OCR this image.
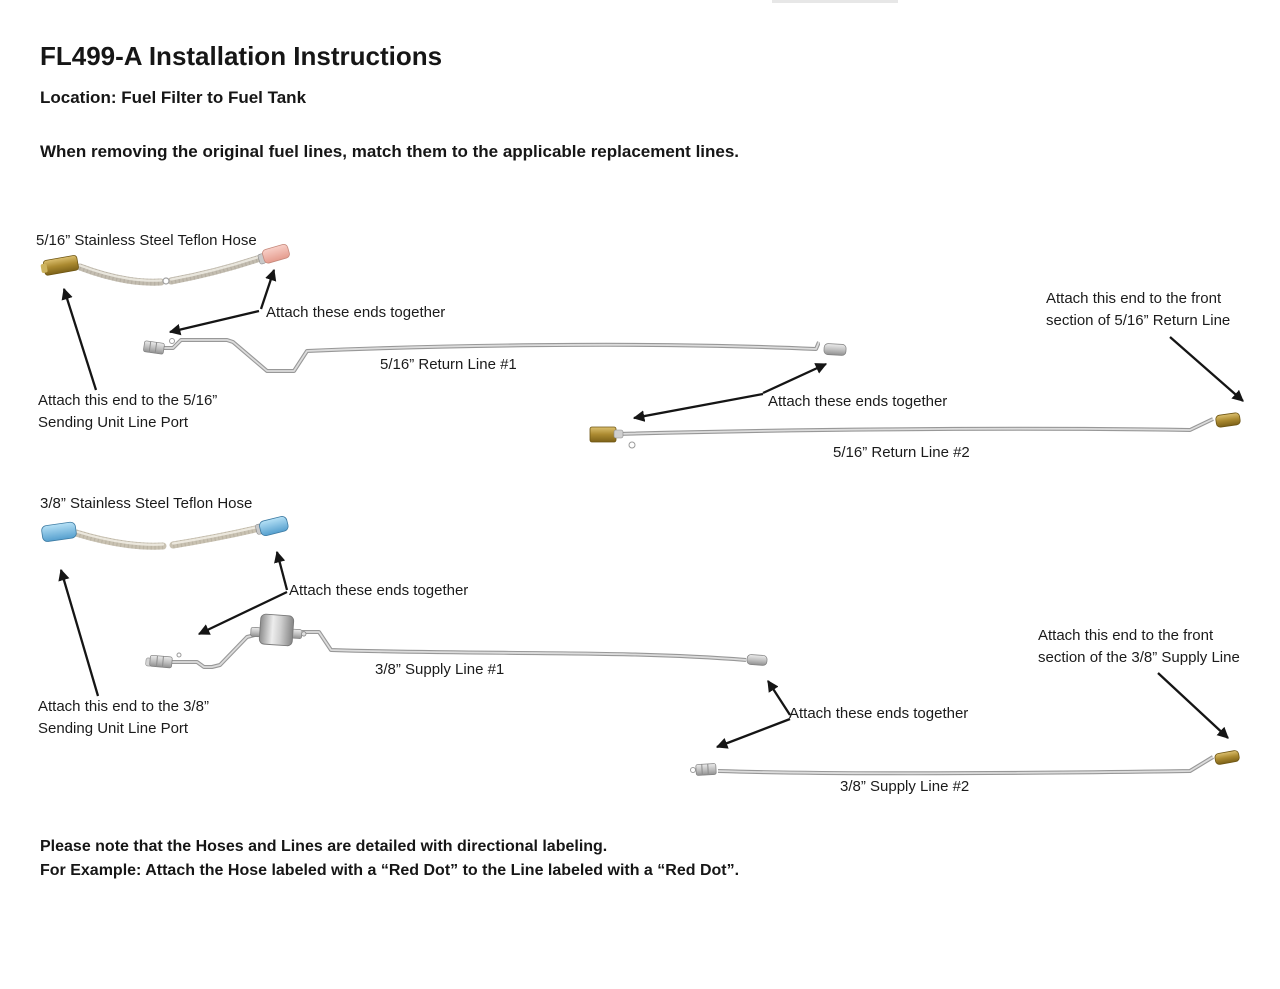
FL499-A Installation Instructions
Location: Fuel Filter to Fuel Tank
When removing the original fuel lines, match them to the applicable replacement lines.
5/16” Stainless Steel Teflon Hose
Attach these ends together
5/16” Return Line #1
Attach this end to the 5/16”
Sending Unit Line Port
Attach these ends together
5/16” Return Line #2
Attach this end to the front
section of 5/16” Return Line
3/8” Stainless Steel Teflon Hose
Attach these ends together
3/8” Supply Line #1
Attach this end to the 3/8”
Sending Unit Line Port
Attach these ends together
3/8” Supply Line #2
Attach this end to the front
section of the 3/8” Supply Line
Please note that the Hoses and Lines are detailed with directional labeling.
For Example: Attach the Hose labeled with a “Red Dot” to the Line labeled with a “Red Dot”.
